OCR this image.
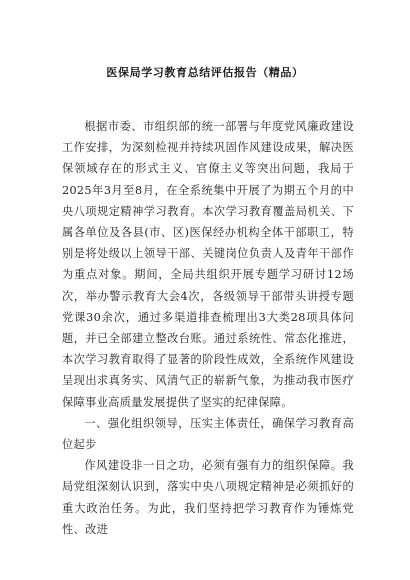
医保局学习教育总结评估报告（精品）

根据市委、市组织部的统一部署与年度党风廉政建设工作安排，为深刻检视并持续巩固作风建设成果，解决医保领域存在的形式主义、官僚主义等突出问题，我局于2025年3月至8月，在全系统集中开展了为期五个月的中央八项规定精神学习教育。本次学习教育覆盖局机关、下属各单位及各县(市、区)医保经办机构全体干部职工，特别是将处级以上领导干部、关键岗位负责人及青年干部作为重点对象。期间，全局共组织开展专题学习研讨12场次，举办警示教育大会4次，各级领导干部带头讲授专题党课30余次，通过多渠道排查梳理出3大类28项具体问题，并已全部建立整改台账。通过系统性、常态化推进，本次学习教育取得了显著的阶段性成效，全系统作风建设呈现出求真务实、风清气正的崭新气象，为推动我市医疗保障事业高质量发展提供了坚实的纪律保障。

一、强化组织领导，压实主体责任，确保学习教育高位起步

作风建设非一日之功，必须有强有力的组织保障。我局党组深刻认识到，落实中央八项规定精神是必须抓好的重大政治任务。为此，我们坚持把学习教育作为锤炼党性、改进
